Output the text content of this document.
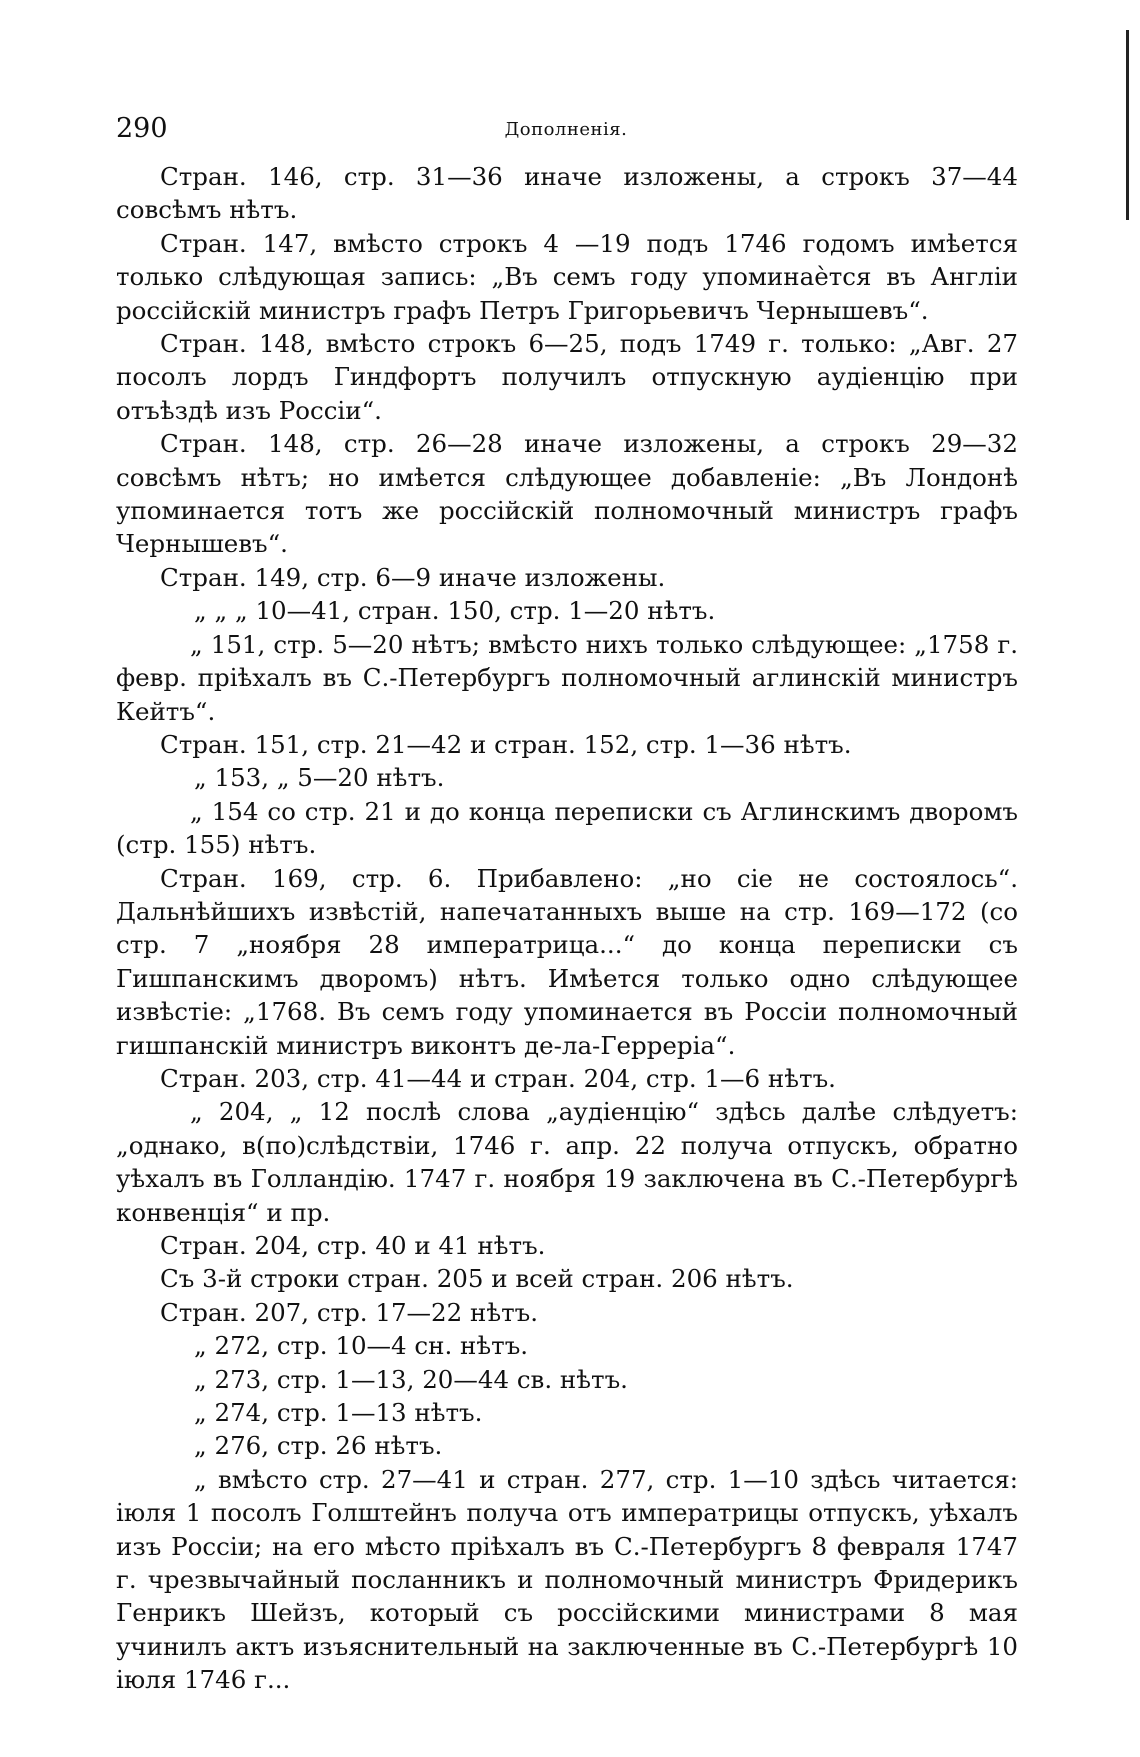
290	Дополненія.

Стран. 146, стр. 31—36 иначе изложены, а строкъ 37—44 совсѣмъ нѣтъ.

Стран. 147, вмѣсто строкъ 4 —19 подъ 1746 годомъ имѣется только слѣдующая запись: „Въ семъ году упоминаѐтся въ Англіи россійскій министръ графъ Петръ Григорьевичъ Чернышевъ“.

Стран. 148, вмѣсто строкъ 6—25, подъ 1749 г. только: „Авг. 27 посолъ лордъ Гиндфортъ получилъ отпускную аудіенцію при отъѣздѣ изъ Россіи“.

Стран. 148, стр. 26—28 иначе изложены, а строкъ 29—32 совсѣмъ нѣтъ; но имѣется слѣдующее добавленіе: „Въ Лондонѣ упоминается тотъ же россійскій полномочный министръ графъ Чернышевъ“.

Стран. 149, стр. 6—9 иначе изложены.

„ „ „ 10—41, стран. 150, стр. 1—20 нѣтъ.

„ 151, стр. 5—20 нѣтъ; вмѣсто нихъ только слѣдующее: „1758 г. февр. пріѣхалъ въ С.-Петербургъ полномочный аглинскій министръ Кейтъ“.

Стран. 151, стр. 21—42 и стран. 152, стр. 1—36 нѣтъ.

„ 153, „ 5—20 нѣтъ.

„ 154 со стр. 21 и до конца переписки съ Аглинскимъ дворомъ (стр. 155) нѣтъ.

Стран. 169, стр. 6. Прибавлено: „но сіе не состоялось“. Дальнѣйшихъ извѣстій, напечатанныхъ выше на стр. 169—172 (со стр. 7 „ноября 28 императрица...“ до конца переписки съ Гишпанскимъ дворомъ) нѣтъ. Имѣется только одно слѣдующее извѣстіе: „1768. Въ семъ году упоминается въ Россіи полномочный гишпанскій министръ виконтъ де-ла-Герреріа“.

Стран. 203, стр. 41—44 и стран. 204, стр. 1—6 нѣтъ.

„ 204, „ 12 послѣ слова „аудіенцію“ здѣсь далѣе слѣдуетъ: „однако, в(по)слѣдствіи, 1746 г. апр. 22 получа отпускъ, обратно уѣхалъ въ Голландію. 1747 г. ноября 19 заключена въ С.-Петербургѣ конвенція“ и пр.

Стран. 204, стр. 40 и 41 нѣтъ.

Съ 3-й строки стран. 205 и всей стран. 206 нѣтъ.

Стран. 207, стр. 17—22 нѣтъ.

„ 272, стр. 10—4 сн. нѣтъ.

„ 273, стр. 1—13, 20—44 св. нѣтъ.

„ 274, стр. 1—13 нѣтъ.

„ 276, стр. 26 нѣтъ.

„ вмѣсто стр. 27—41 и стран. 277, стр. 1—10 здѣсь читается: іюля 1 посолъ Голштейнъ получа отъ императрицы отпускъ, уѣхалъ изъ Россіи; на его мѣсто пріѣхалъ въ С.-Петербургъ 8 февраля 1747 г. чрезвычайный посланникъ и полномочный министръ Фридерикъ Генрикъ Шейзъ, который съ россійскими министрами 8 мая учинилъ актъ изъяснительный на заключенные въ С.-Петербургѣ 10 іюля 1746 г...
